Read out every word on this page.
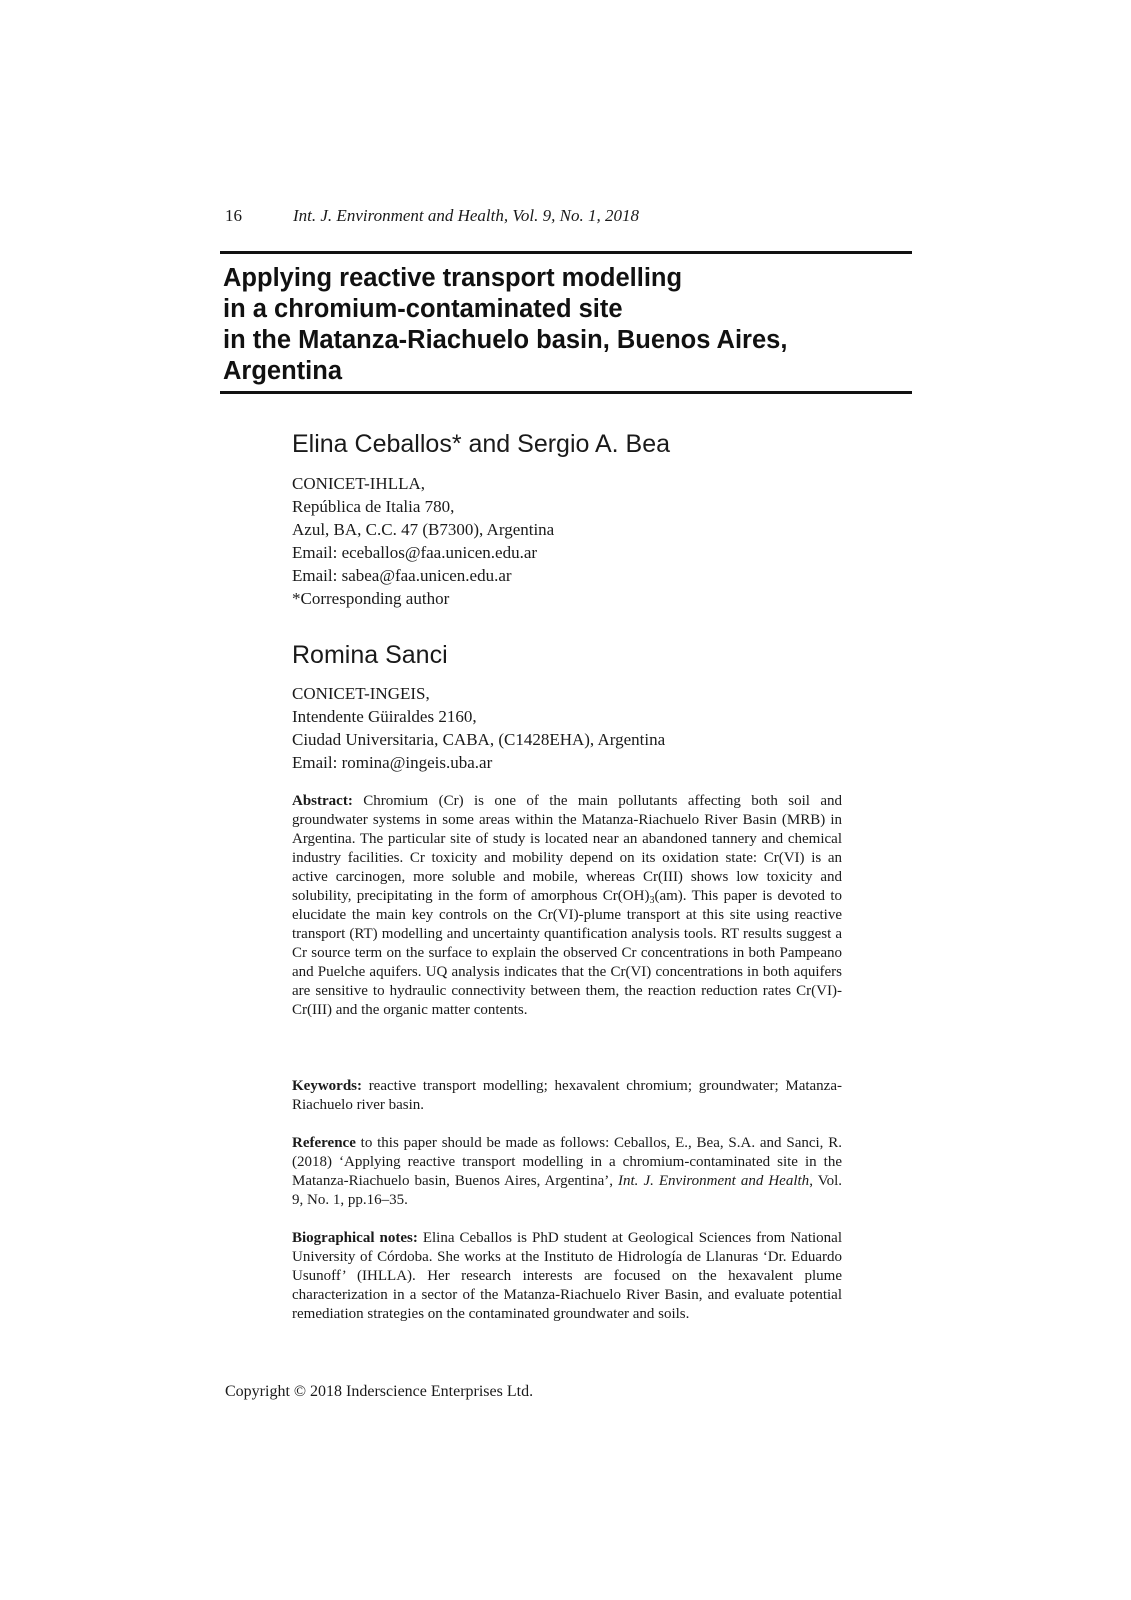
16	Int. J. Environment and Health, Vol. 9, No. 1, 2018
Applying reactive transport modelling
in a chromium-contaminated site
in the Matanza-Riachuelo basin, Buenos Aires,
Argentina
Elina Ceballos* and Sergio A. Bea
CONICET-IHLLA,
República de Italia 780,
Azul, BA, C.C. 47 (B7300), Argentina
Email: eceballos@faa.unicen.edu.ar
Email: sabea@faa.unicen.edu.ar
*Corresponding author
Romina Sanci
CONICET-INGEIS,
Intendente Güiraldes 2160,
Ciudad Universitaria, CABA, (C1428EHA), Argentina
Email: romina@ingeis.uba.ar
Abstract: Chromium (Cr) is one of the main pollutants affecting both soil and groundwater systems in some areas within the Matanza-Riachuelo River Basin (MRB) in Argentina. The particular site of study is located near an abandoned tannery and chemical industry facilities. Cr toxicity and mobility depend on its oxidation state: Cr(VI) is an active carcinogen, more soluble and mobile, whereas Cr(III) shows low toxicity and solubility, precipitating in the form of amorphous $Cr(OH)_3(am)$. This paper is devoted to elucidate the main key controls on the Cr(VI)-plume transport at this site using reactive transport (RT) modelling and uncertainty quantification analysis tools. RT results suggest a Cr source term on the surface to explain the observed Cr concentrations in both Pampeano and Puelche aquifers. UQ analysis indicates that the Cr(VI) concentrations in both aquifers are sensitive to hydraulic connectivity between them, the reaction reduction rates Cr(VI)-Cr(III) and the organic matter contents.
Keywords: reactive transport modelling; hexavalent chromium; groundwater; Matanza-Riachuelo river basin.
Reference to this paper should be made as follows: Ceballos, E., Bea, S.A. and Sanci, R. (2018) ‘Applying reactive transport modelling in a chromium-contaminated site in the Matanza-Riachuelo basin, Buenos Aires, Argentina’, Int. J. Environment and Health, Vol. 9, No. 1, pp.16–35.
Biographical notes: Elina Ceballos is PhD student at Geological Sciences from National University of Córdoba. She works at the Instituto de Hidrología de Llanuras ‘Dr. Eduardo Usunoff’ (IHLLA). Her research interests are focused on the hexavalent plume characterization in a sector of the Matanza-Riachuelo River Basin, and evaluate potential remediation strategies on the contaminated groundwater and soils.
Copyright © 2018 Inderscience Enterprises Ltd.
